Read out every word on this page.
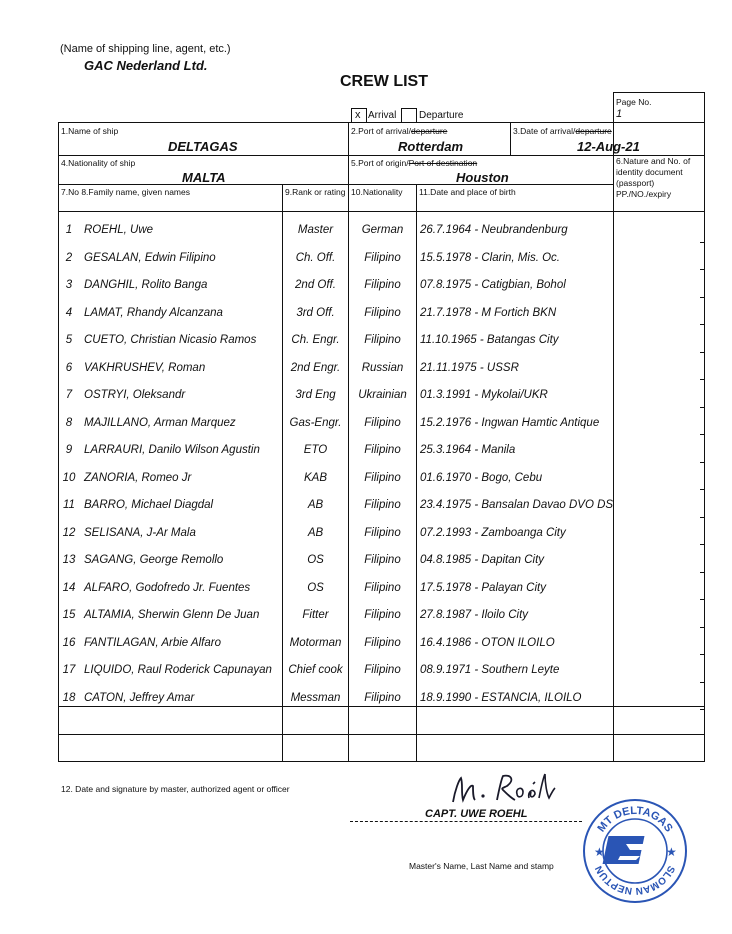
(Name of shipping line, agent, etc.)
GAC Nederland Ltd.
CREW LIST
Page No.
1
x Arrival Departure
1.Name of ship
DELTAGAS
2.Port of arrival/departure
Rotterdam
3.Date of arrival/departure
12-Aug-21
4.Nationality of ship
MALTA
5.Port of origin/Port of destination
Houston
6.Nature and No. of
identity document
(passport)
PP./NO./expiry
7.No 8.Family name, given names	9.Rank or rating 10.Nationality 11.Date and place of birth
1	ROEHL, Uwe	Master	German	26.7.1964 - Neubrandenburg
2	GESALAN, Edwin Filipino	Ch. Off.	Filipino	15.5.1978 - Clarin, Mis. Oc.
3	DANGHIL, Rolito Banga	2nd Off.	Filipino	07.8.1975 - Catigbian, Bohol
4	LAMAT, Rhandy Alcanzana	3rd Off.	Filipino	21.7.1978 - M Fortich BKN
5	CUETO, Christian Nicasio Ramos	Ch. Engr.	Filipino	11.10.1965 - Batangas City
6	VAKHRUSHEV, Roman	2nd Engr.	Russian	21.11.1975 - USSR
7	OSTRYI, Oleksandr	3rd Eng	Ukrainian	01.3.1991 - Mykolai/UKR
8	MAJILLANO, Arman Marquez	Gas-Engr.	Filipino	15.2.1976 - Ingwan Hamtic Antique
9	LARRAURI, Danilo Wilson Agustin	ETO	Filipino	25.3.1964 - Manila
10 ZANORIA, Romeo Jr	KAB	Filipino	01.6.1970 - Bogo, Cebu
11 BARRO, Michael Diagdal	AB	Filipino	23.4.1975 - Bansalan Davao DVO DS
12 SELISANA, J-Ar Mala	AB	Filipino	07.2.1993 - Zamboanga City
13 SAGANG, George Remollo	OS	Filipino	04.8.1985 - Dapitan City
14 ALFARO, Godofredo Jr. Fuentes	OS	Filipino	17.5.1978 - Palayan City
15 ALTAMIA, Sherwin Glenn De Juan	Fitter	Filipino	27.8.1987 - Iloilo City
16 FANTILAGAN, Arbie Alfaro	Motorman	Filipino	16.4.1986 - OTON ILOILO
17 LIQUIDO, Raul Roderick Capunayan	Chief cook	Filipino	08.9.1971 - Southern Leyte
18 CATON, Jeffrey Amar	Messman	Filipino	18.9.1990 - ESTANCIA, ILOILO
12. Date and signature by master, authorized agent or officer
CAPT. UWE ROEHL
Master's Name, Last Name and stamp
MT DELTAGAS
SLOMAN NEPTUN
★	★
